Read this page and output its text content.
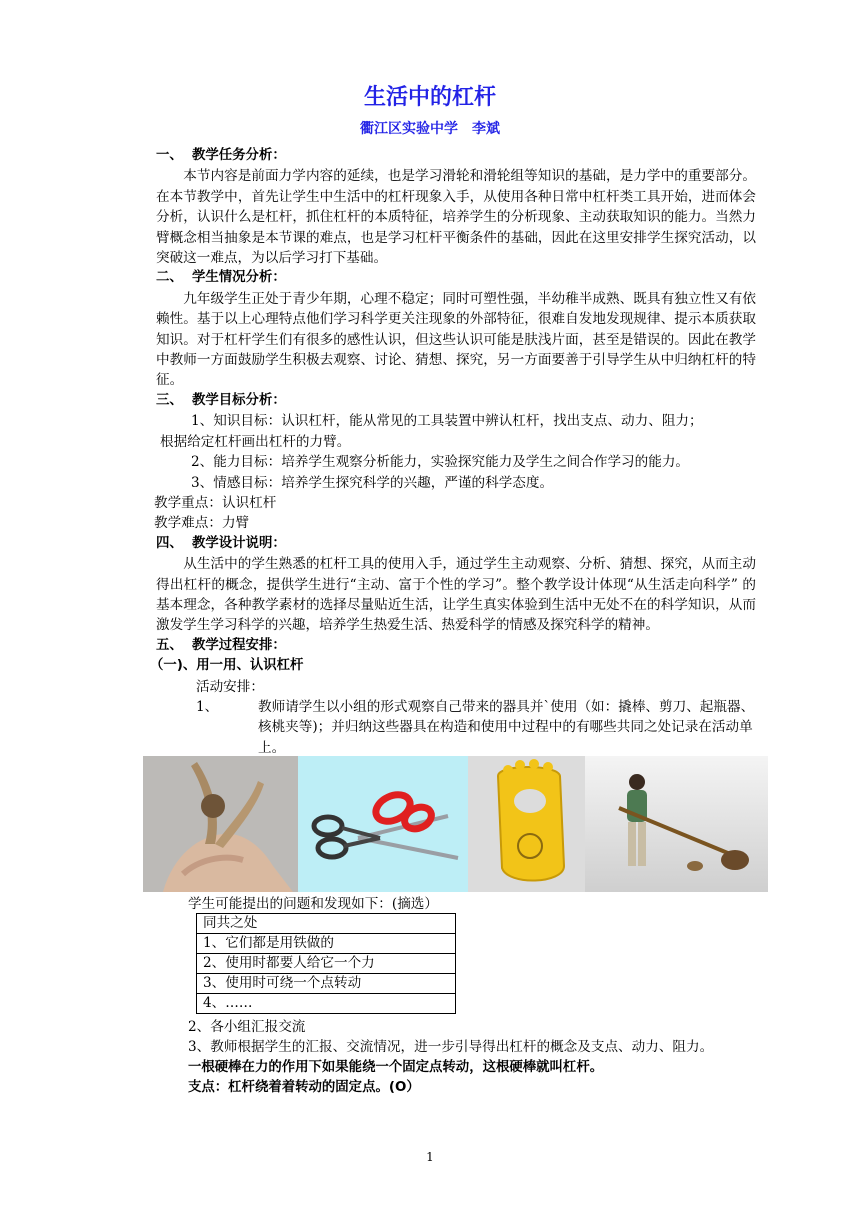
生活中的杠杆
衢江区实验中学　李斌

一、 教学任务分析：

本节内容是前面力学内容的延续，也是学习滑轮和滑轮组等知识的基础，是力学中的重要部分。在本节教学中，首先让学生中生活中的杠杆现象入手，从使用各种日常中杠杆类工具开始，进而体会分析，认识什么是杠杆，抓住杠杆的本质特征，培养学生的分析现象、主动获取知识的能力。当然力臂概念相当抽象是本节课的难点，也是学习杠杆平衡条件的基础，因此在这里安排学生探究活动，以突破这一难点，为以后学习打下基础。

二、 学生情况分析：

九年级学生正处于青少年期，心理不稳定；同时可塑性强，半幼稚半成熟、既具有独立性又有依赖性。基于以上心理特点他们学习科学更关注现象的外部特征，很难自发地发现规律、提示本质获取知识。对于杠杆学生们有很多的感性认识，但这些认识可能是肤浅片面，甚至是错误的。因此在教学中教师一方面鼓励学生积极去观察、讨论、猜想、探究，另一方面要善于引导学生从中归纳杠杆的特征。

三、 教学目标分析：

1、知识目标：认识杠杆，能从常见的工具装置中辨认杠杆，找出支点、动力、阻力；

根据给定杠杆画出杠杆的力臂。

2、能力目标：培养学生观察分析能力，实验探究能力及学生之间合作学习的能力。

3、情感目标：培养学生探究科学的兴趣，严谨的科学态度。

教学重点：认识杠杆

教学难点：力臂

四、 教学设计说明：

从生活中的学生熟悉的杠杆工具的使用入手，通过学生主动观察、分析、猜想、探究，从而主动得出杠杆的概念，提供学生进行“主动、富于个性的学习”。整个教学设计体现“从生活走向科学” 的基本理念，各种教学素材的选择尽量贴近生活，让学生真实体验到生活中无处不在的科学知识，从而激发学生学习科学的兴趣，培养学生热爱生活、热爱科学的情感及探究科学的精神。

五、 教学过程安排：

（一)、用一用、认识杠杆

活动安排：

1、	教师请学生以小组的形式观察自己带来的器具并`使用（如：撬棒、剪刀、起瓶器、核桃夹等)；并归纳这些器具在构造和使用中过程中的有哪些共同之处记录在活动单上。
学生可能提出的问题和发现如下：(摘选）
同共之处
1、它们都是用铁做的
2、使用时都要人给它一个力
3、使用时可绕一个点转动
4、……

2、各小组汇报交流

3、教师根据学生的汇报、交流情况，进一步引导得出杠杆的概念及支点、动力、阻力。

一根硬棒在力的作用下如果能绕一个固定点转动，这根硬棒就叫杠杆。

支点：杠杆绕着着转动的固定点。(O）

1
